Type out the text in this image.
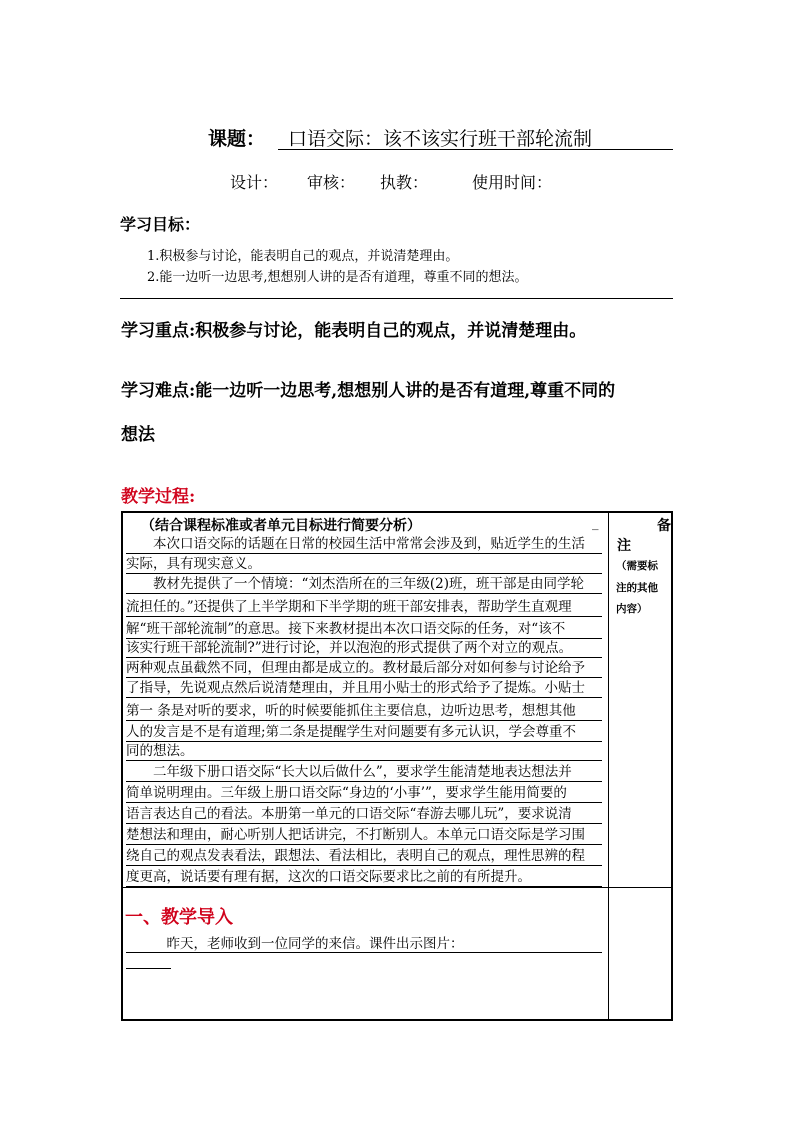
课题： 口语交际：该不该实行班干部轮流制
设计： 审核： 执教：	使用时间：
学习目标：
1.积极参与讨论，能表明自己的观点，并说清楚理由。
2.能一边听一边思考,想想别人讲的是否有道理，尊重不同的想法。
学习重点:积极参与讨论，能表明自己的观点，并说清楚理由。
学习难点:能一边听一边思考,想想别人讲的是否有道理,尊重不同的
想法
教学过程:
（结合课程标准或者单元目标进行简要分析）	_
　　本次口语交际的话题在日常的校园生活中常常会涉及到，贴近学生的生活
实际，具有现实意义。
　　教材先提供了一个情境：“刘杰浩所在的三年级(2)班，班干部是由同学轮
流担任的。”还提供了上半学期和下半学期的班干部安排表，帮助学生直观理
解“班干部轮流制”的意思。接下来教材提出本次口语交际的任务，对“该不
该实行班干部轮流制?”进行讨论，并以泡泡的形式提供了两个对立的观点。
两种观点虽截然不同，但理由都是成立的。教材最后部分对如何参与讨论给予
了指导，先说观点然后说清楚理由，并且用小贴士的形式给予了提炼。小贴士
第一 条是对听的要求，听的时候要能抓住主要信息，边听边思考，想想其他
人的发言是不是有道理;第二条是提醒学生对问题要有多元认识，学会尊重不
同的想法。
　　二年级下册口语交际“长大以后做什么”，要求学生能清楚地表达想法并
简单说明理由。三年级上册口语交际“身边的‘小事’”，要求学生能用简要的
语言表达自己的看法。本册第一单元的口语交际“春游去哪儿玩”，要求说清
楚想法和理由，耐心听别人把话讲完，不打断别人。本单元口语交际是学习围
绕自己的观点发表看法，跟想法、看法相比，表明自己的观点，理性思辨的程
度更高，说话要有理有据，这次的口语交际要求比之前的有所提升。
备
注
（需要标
注的其他
内容）
一、教学导入
　　　昨天，老师收到一位同学的来信。课件出示图片：
